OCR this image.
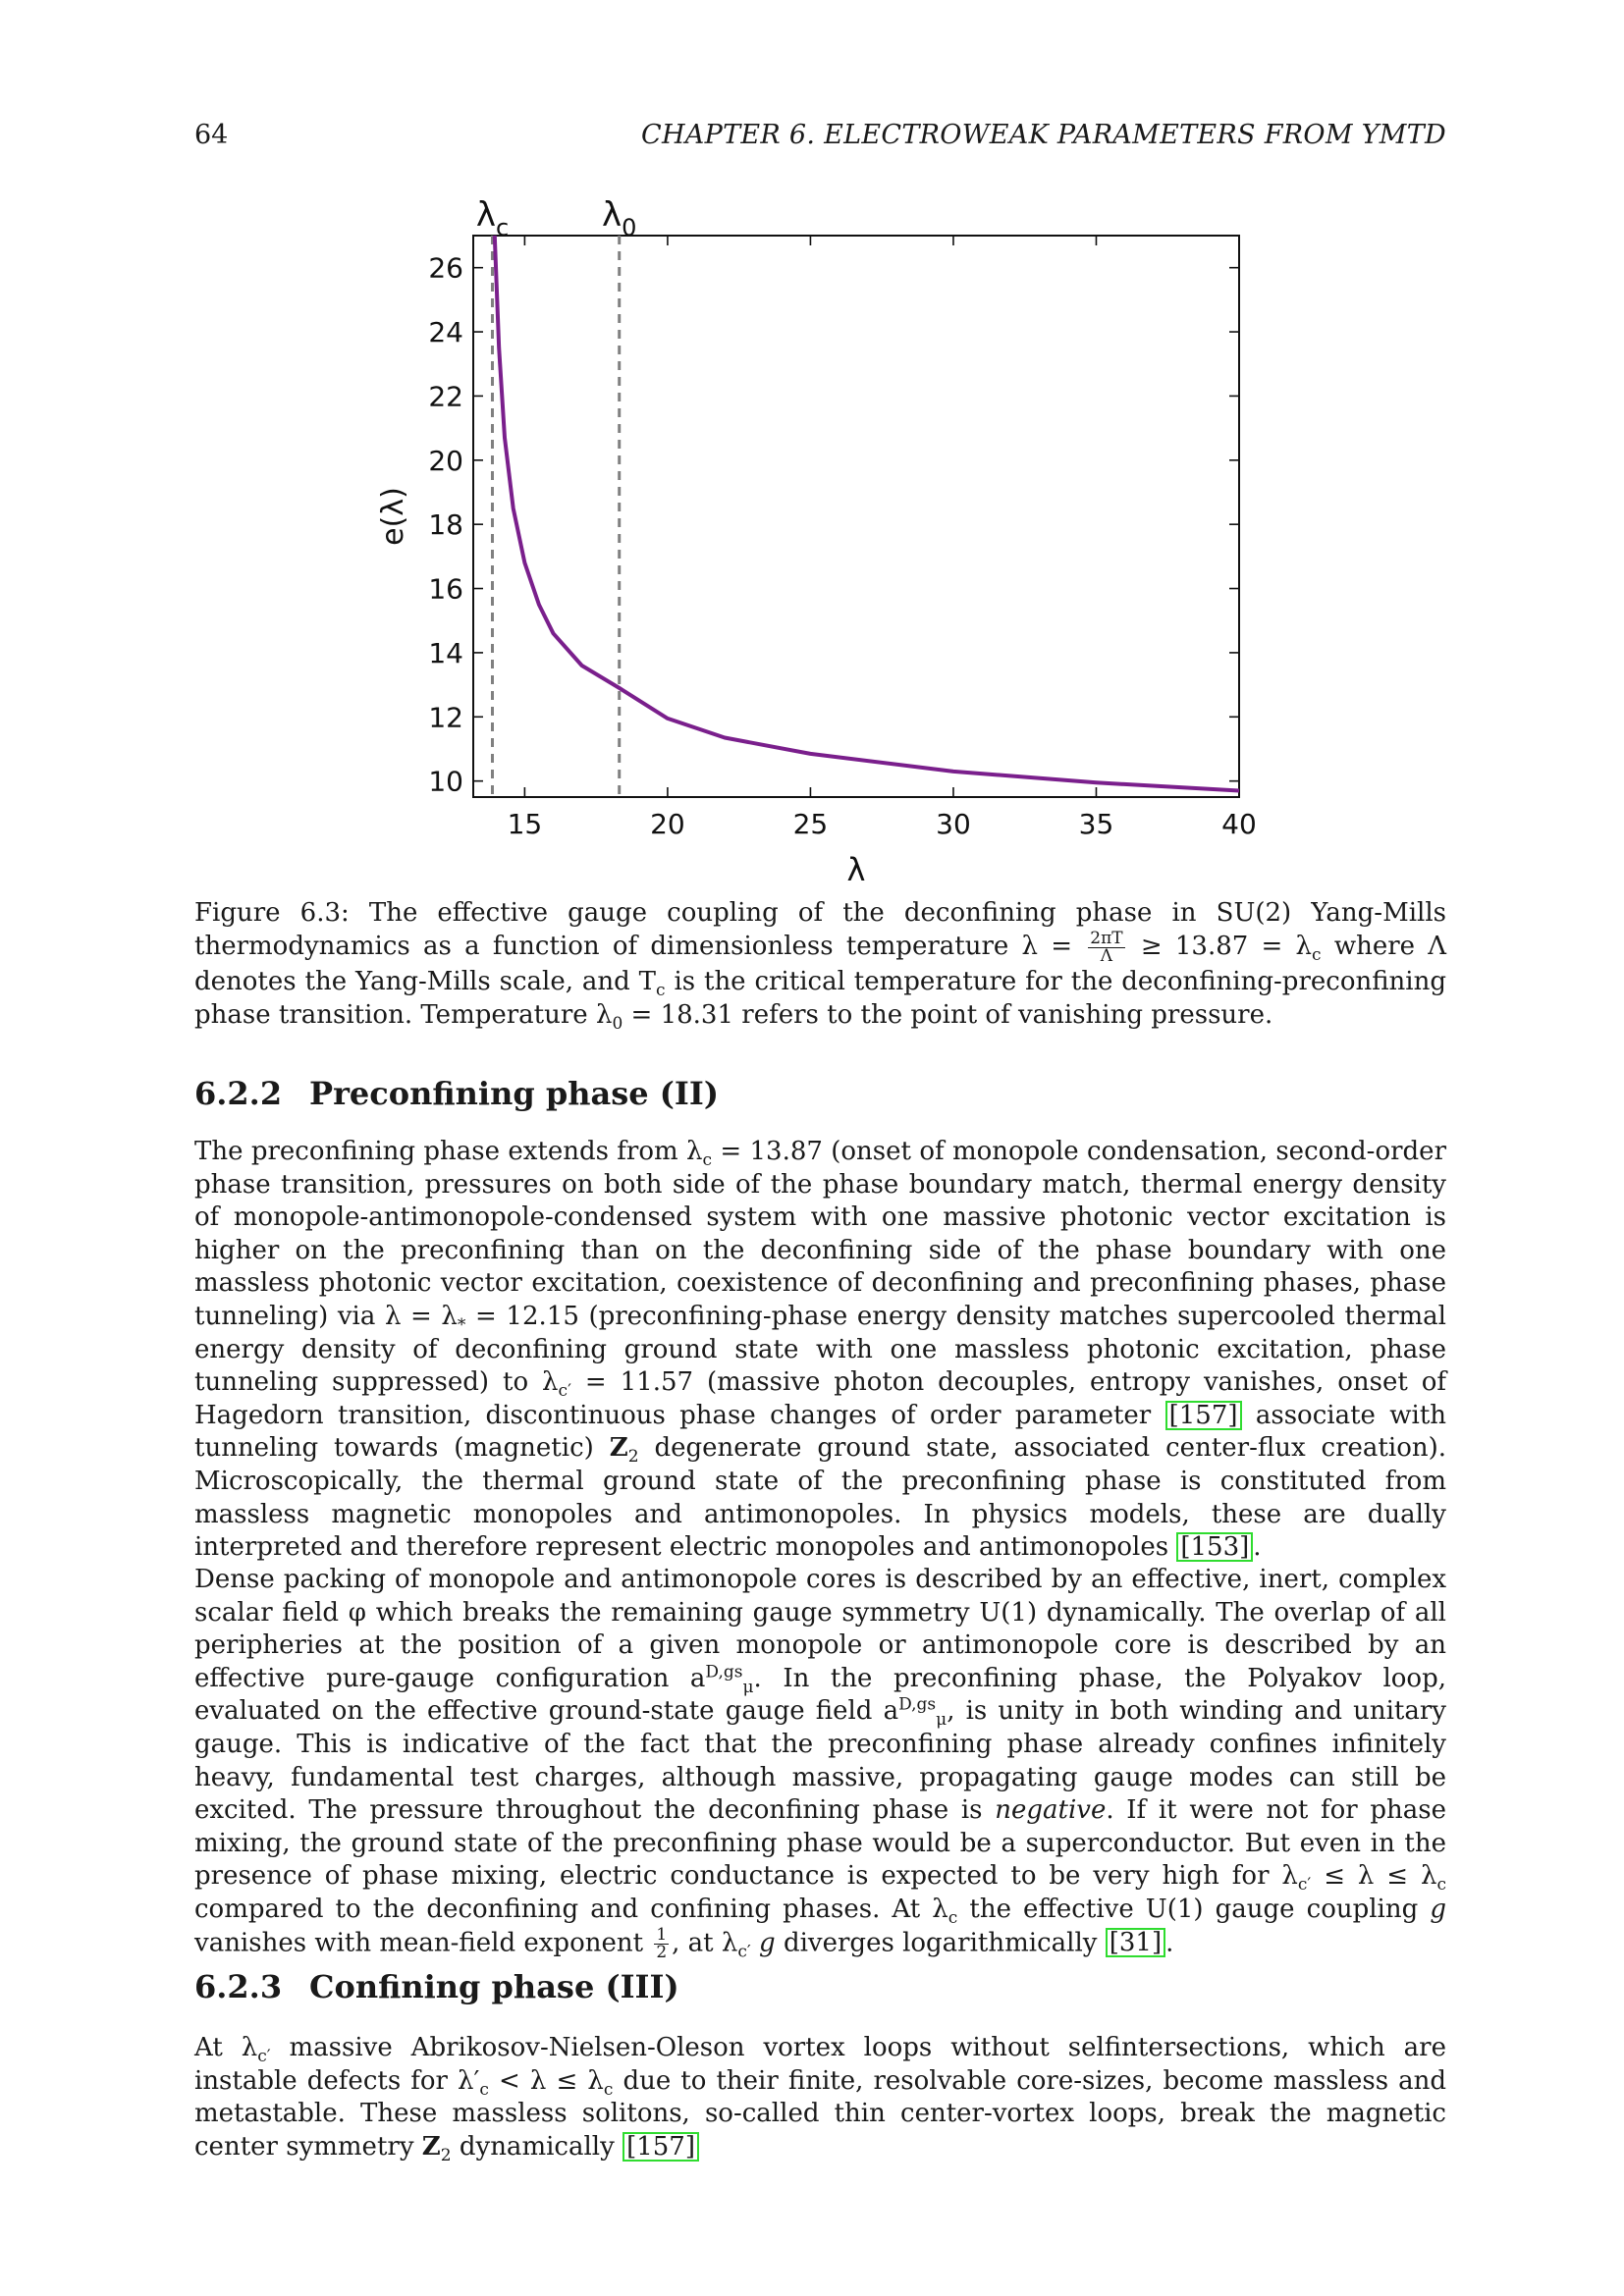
64	CHAPTER 6. ELECTROWEAK PARAMETERS FROM YMTD
15	20	25	30	35	40
10
12
14
16
18
20
22
24
26
λ
e(λ)
$\lambda_c$	$\lambda_0$

Figure 6.3: The effective gauge coupling of the deconfining phase in SU(2) Yang-Mills thermodynamics as a function of dimensionless temperature $\lambda = \frac{2\pi T}{\Lambda} \ge 13.87 = \lambda_c$ where Λ denotes the Yang-Mills scale, and $T_c$ is the critical temperature for the deconfining-preconfining phase transition. Temperature $\lambda_0 = 18.31$ refers to the point of vanishing pressure.

6.2.2 Preconfining phase (II)

The preconfining phase extends from $\lambda_c = 13.87$ (onset of monopole condensation, second-order phase transition, pressures on both side of the phase boundary match, thermal energy density of monopole-antimonopole-condensed system with one massive photonic vector excitation is higher on the preconfining than on the deconfining side of the phase boundary with one massless photonic vector excitation, coexistence of deconfining and preconfining phases, phase tunneling) via $\lambda = \lambda_* = 12.15$ (preconfining-phase energy density matches supercooled thermal energy density of deconfining ground state with one massless photonic excitation, phase tunneling suppressed) to $\lambda_{c'} = 11.57$ (massive photon decouples, entropy vanishes, onset of Hagedorn transition, discontinuous phase changes of order parameter [157] associate with tunneling towards (magnetic) $Z_2$ degenerate ground state, associated center-flux creation). Microscopically, the thermal ground state of the preconfining phase is constituted from massless magnetic monopoles and antimonopoles. In physics models, these are dually interpreted and therefore represent electric monopoles and antimonopoles [153] .

Dense packing of monopole and antimonopole cores is described by an effective, inert, complex scalar field φ which breaks the remaining gauge symmetry U(1) dynamically. The overlap of all peripheries at the position of a given monopole or antimonopole core is described by an effective pure-gauge configuration $a^{D,gs}_\mu$. In the preconfining phase, the Polyakov loop, evaluated on the effective ground-state gauge field $a^{D,gs}_\mu$, is unity in both winding and unitary gauge. This is indicative of the fact that the preconfining phase already confines infinitely heavy, fundamental test charges, although massive, propagating gauge modes can still be excited. The pressure throughout the deconfining phase is negative. If it were not for phase mixing, the ground state of the preconfining phase would be a superconductor. But even in the presence of phase mixing, electric conductance is expected to be very high for $\lambda_{c'} \le \lambda \le \lambda_c$ compared to the deconfining and confining phases. At $\lambda_c$ the effective U(1) gauge coupling g vanishes with mean-field exponent $\frac{1}{2}$ , at $\lambda_{c'}$ g diverges logarithmically [31] .

6.2.3 Confining phase (III)

At $\lambda_{c'}$ massive Abrikosov-Nielsen-Oleson vortex loops without selfintersections, which are instable defects for $\lambda'_c < \lambda \le \lambda_c$ due to their finite, resolvable core-sizes, become massless and metastable. These massless solitons, so-called thin center-vortex loops, break the magnetic center symmetry $Z_2$ dynamically [157]
